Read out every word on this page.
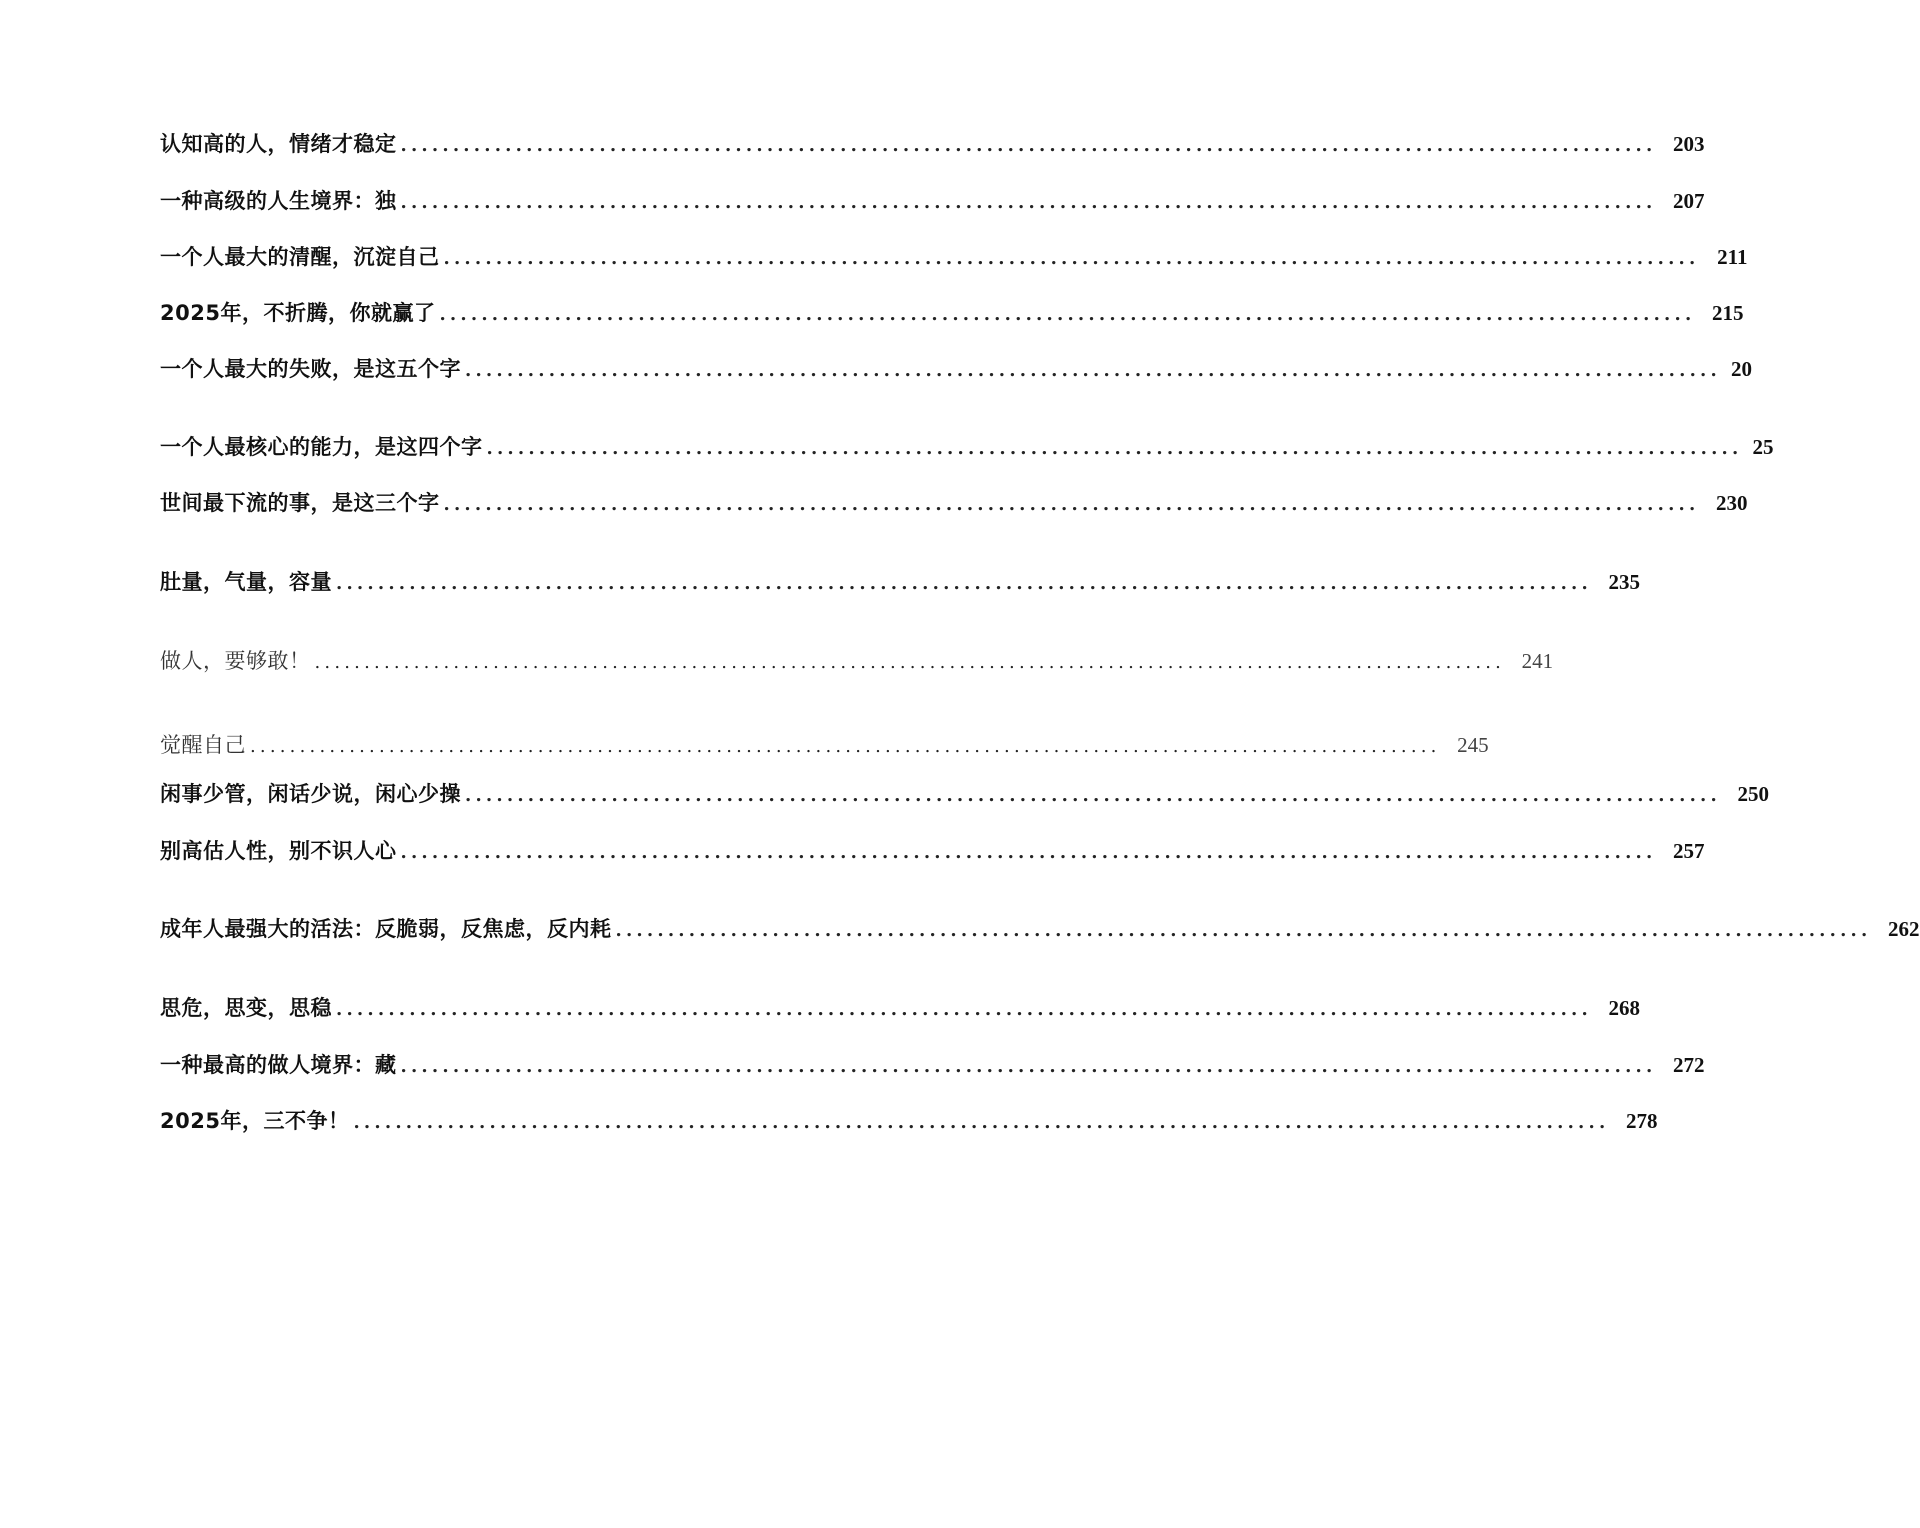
认知高的人，情绪才稳定 ........................................................................................................................ 203
一种高级的人生境界：独 ........................................................................................................................ 207
一个人最大的清醒，沉淀自己 ........................................................................................................................ 211
2025年，不折腾，你就赢了 ........................................................................................................................ 215
一个人最大的失败，是这五个字 ........................................................................................................................ 20
一个人最核心的能力，是这四个字 ........................................................................................................................ 25
世间最下流的事，是这三个字 ........................................................................................................................ 230
肚量，气量，容量 ........................................................................................................................ 235
做人，要够敢！ ........................................................................................................................ 241
觉醒自己 ........................................................................................................................ 245
闲事少管，闲话少说，闲心少操 ........................................................................................................................ 250
别高估人性，别不识人心 ........................................................................................................................ 257
成年人最强大的活法：反脆弱，反焦虑，反内耗 ........................................................................................................................ 262
思危，思变，思稳 ........................................................................................................................ 268
一种最高的做人境界：藏 ........................................................................................................................ 272
2025年，三不争！ ........................................................................................................................ 278
